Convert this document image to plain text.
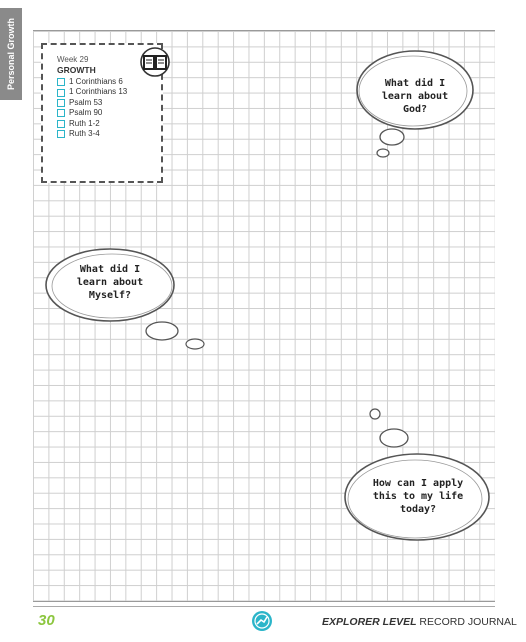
Personal Growth	Week 29
GROWTH
1 Corinthians 6
1 Corinthians 13
Psalm 53
Psalm 90
Ruth 1-2
Ruth 3-4
What did I
learn about
God?
What did I
learn about
Myself?
How can I apply
this to my life
today?
30	EXPLORER LEVEL RECORD JOURNAL
